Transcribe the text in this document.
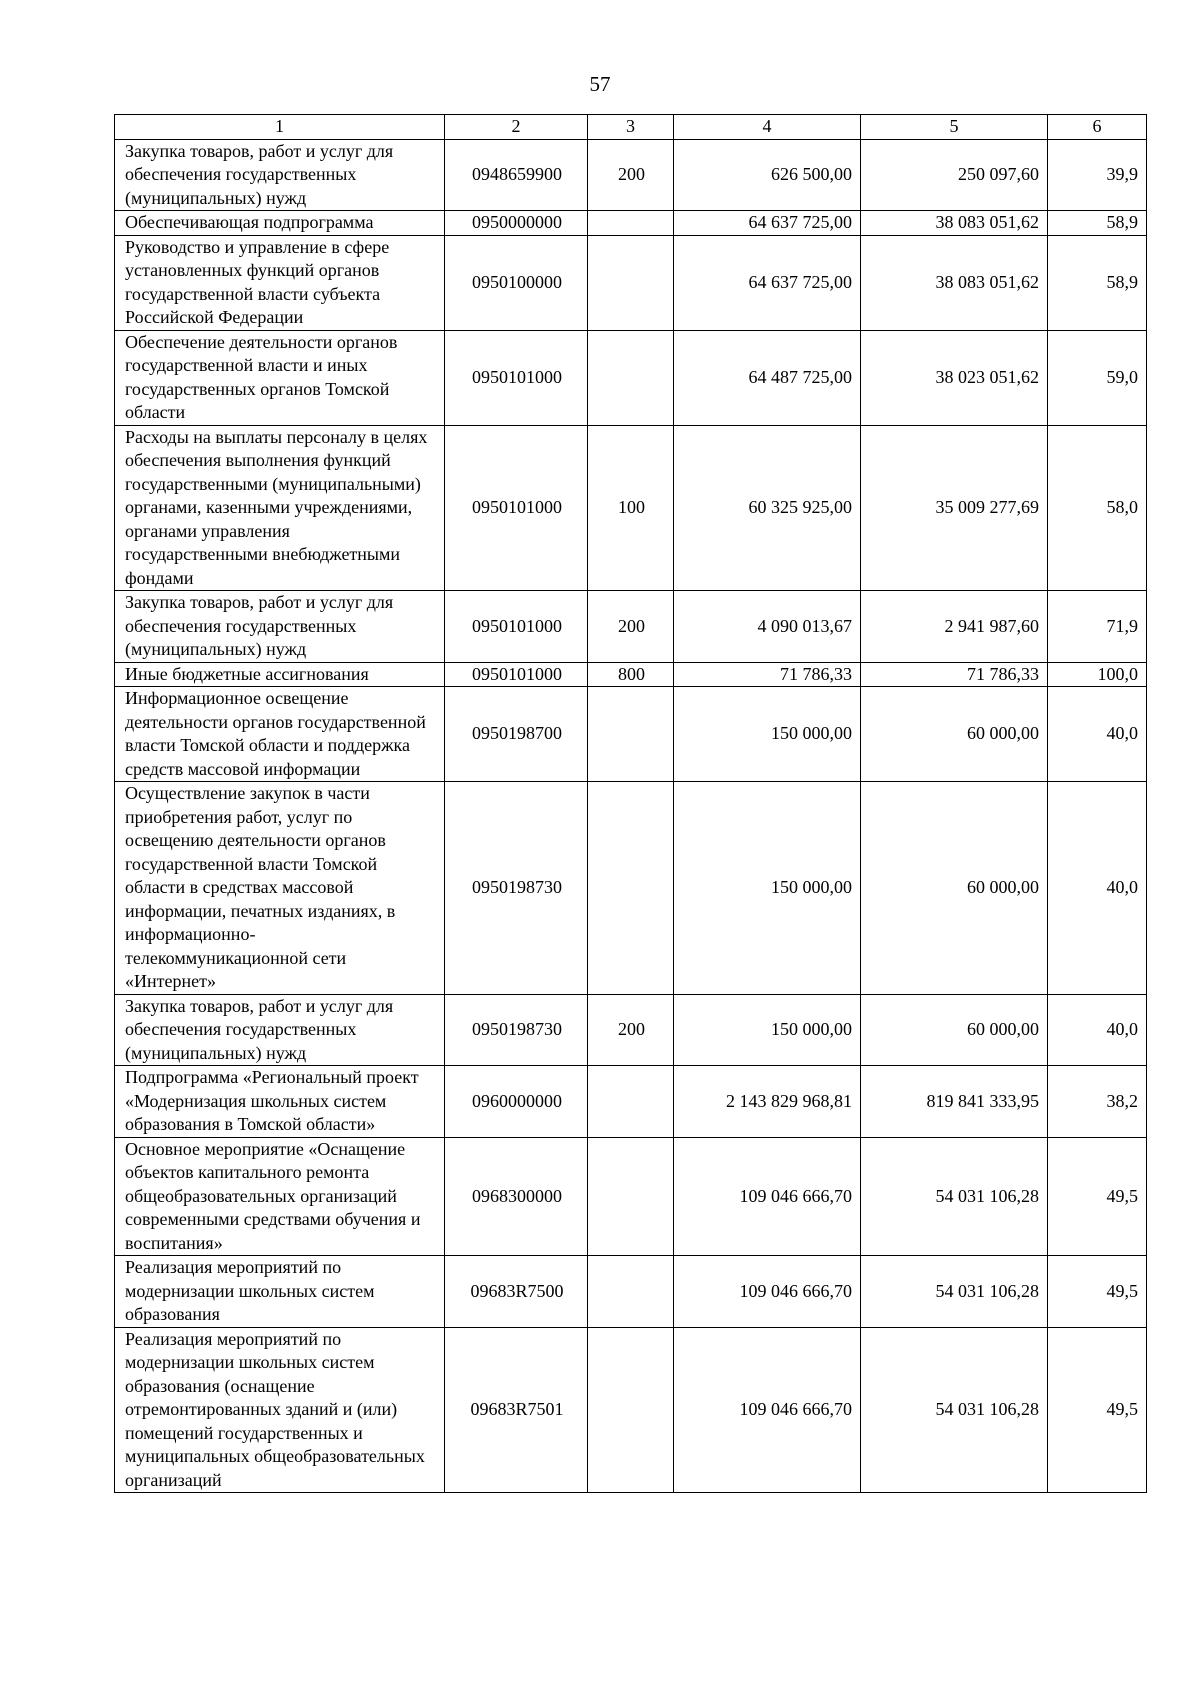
57
1	2	3	4	5	6
Закупка товаров, работ и услуг для обеспечения государственных (муниципальных) нужд	0948659900	200	626 500,00	250 097,60	39,9
Обеспечивающая подпрограмма	0950000000		64 637 725,00	38 083 051,62	58,9
Руководство и управление в сфере установленных функций органов государственной власти субъекта Российской Федерации	0950100000		64 637 725,00	38 083 051,62	58,9
Обеспечение деятельности органов государственной власти и иных государственных органов Томской области	0950101000		64 487 725,00	38 023 051,62	59,0
Расходы на выплаты персоналу в целях обеспечения выполнения функций государственными (муниципальными) органами, казенными учреждениями, органами управления государственными внебюджетными фондами	0950101000	100	60 325 925,00	35 009 277,69	58,0
Закупка товаров, работ и услуг для обеспечения государственных (муниципальных) нужд	0950101000	200	4 090 013,67	2 941 987,60	71,9
Иные бюджетные ассигнования	0950101000	800	71 786,33	71 786,33	100,0
Информационное освещение деятельности органов государственной власти Томской области и поддержка средств массовой информации	0950198700		150 000,00	60 000,00	40,0
Осуществление закупок в части приобретения работ, услуг по освещению деятельности органов государственной власти Томской области в средствах массовой информации, печатных изданиях, в информационно-телекоммуникационной сети «Интернет»	0950198730		150 000,00	60 000,00	40,0
Закупка товаров, работ и услуг для обеспечения государственных (муниципальных) нужд	0950198730	200	150 000,00	60 000,00	40,0
Подпрограмма «Региональный проект «Модернизация школьных систем образования в Томской области»	0960000000		2 143 829 968,81	819 841 333,95	38,2
Основное мероприятие «Оснащение объектов капитального ремонта общеобразовательных организаций современными средствами обучения и воспитания»	0968300000		109 046 666,70	54 031 106,28	49,5
Реализация мероприятий по модернизации школьных систем образования	09683R7500		109 046 666,70	54 031 106,28	49,5
Реализация мероприятий по модернизации школьных систем образования (оснащение отремонтированных зданий и (или) помещений государственных и муниципальных общеобразовательных организаций	09683R7501		109 046 666,70	54 031 106,28	49,5
